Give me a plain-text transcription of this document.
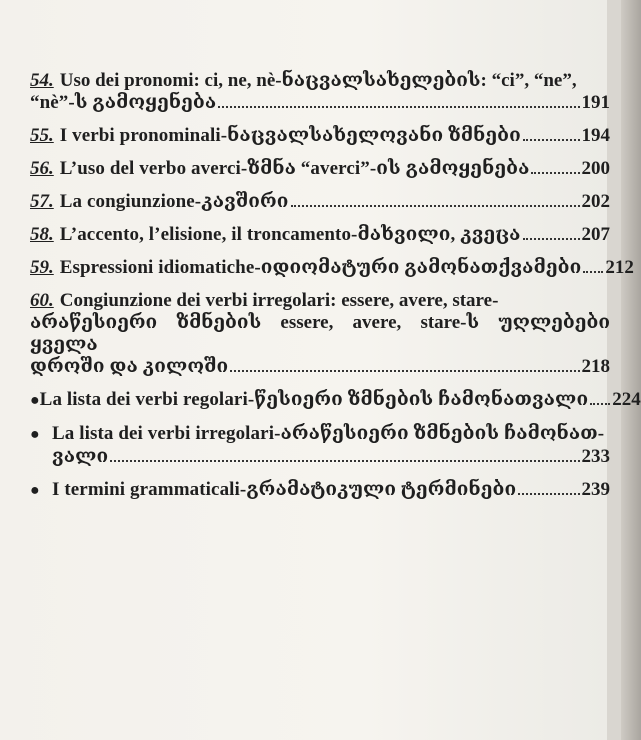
54. Uso dei pronomi: ci, ne, nè-ნაცვალსახელების: “ci”, “ne”,
“nè”-ს გამოყენება	191
55. I verbi pronominali-ნაცვალსახელოვანი ზმნები	194
56. L’uso del verbo averci-ზმნა “averci”-ის გამოყენება	200
57. La congiunzione-კავშირი	202
58. L’accento, l’elisione, il troncamento-მახვილი, კვეცა	207
59. Espressioni idiomatiche-იდიომატური გამონათქვამები 212
60. Congiunzione dei verbi irregolari: essere, avere, stare-
არაწესიერი ზმნების essere, avere, stare-ს უღლებები ყველა
დროში და კილოში	218
● La lista dei verbi regolari-წესიერი ზმნების ჩამონათვალი 224
● La lista dei verbi irregolari-არაწესიერი ზმნების ჩამონათ-
ვალი	233
● I termini grammaticali-გრამატიკული ტერმინები	239
